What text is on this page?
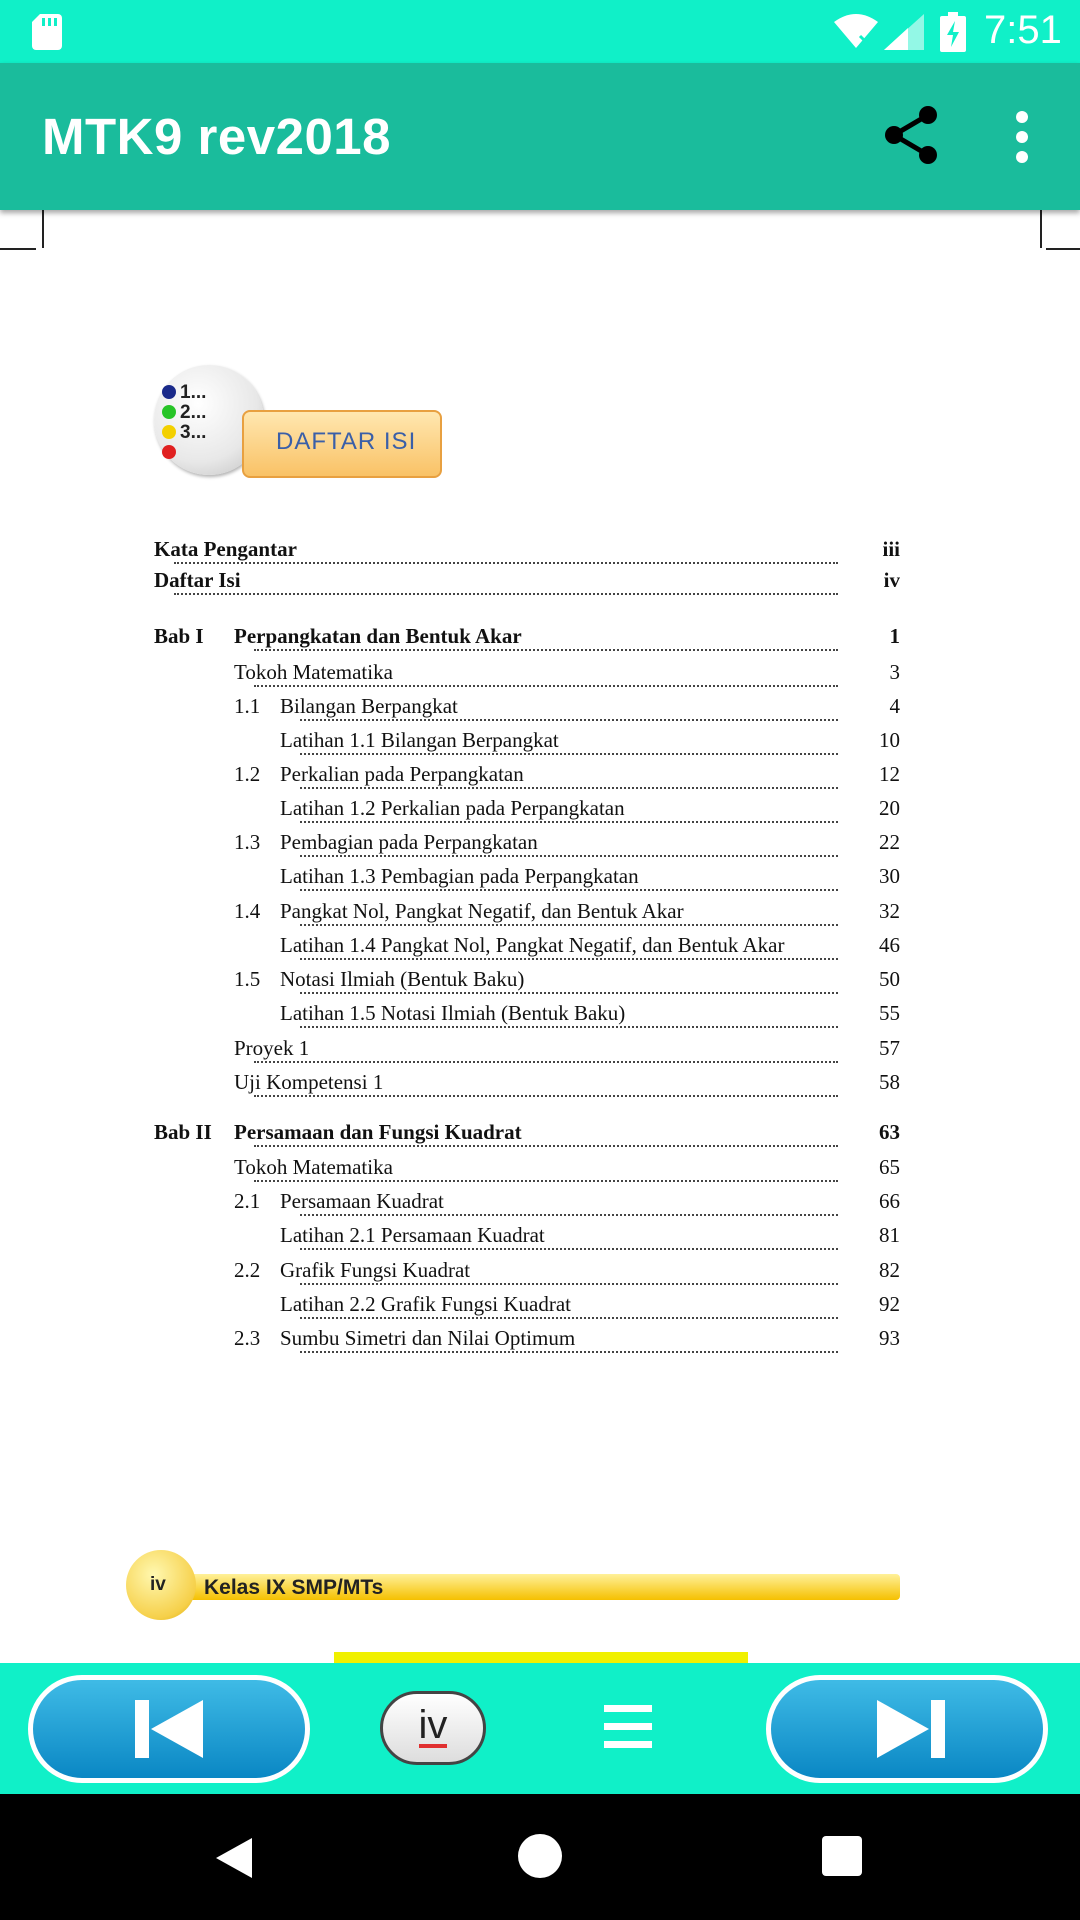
7:51
MTK9 rev2018
1...
2...
3...	DAFTAR ISI
Kata Pengantar	iii
Daftar Isi	iv
Bab I Perpangkatan dan Bentuk Akar	1
Tokoh Matematika	3
1.1 Bilangan Berpangkat	4
Latihan 1.1 Bilangan Berpangkat	10
1.2 Perkalian pada Perpangkatan	12
Latihan 1.2 Perkalian pada Perpangkatan	20
1.3 Pembagian pada Perpangkatan	22
Latihan 1.3 Pembagian pada Perpangkatan	30
1.4 Pangkat Nol, Pangkat Negatif, dan Bentuk Akar	32
Latihan 1.4 Pangkat Nol, Pangkat Negatif, dan Bentuk Akar	46
1.5 Notasi Ilmiah (Bentuk Baku)	50
Latihan 1.5 Notasi Ilmiah (Bentuk Baku)	55
Proyek 1	57
Uji Kompetensi 1	58
Bab II Persamaan dan Fungsi Kuadrat	63
Tokoh Matematika	65
2.1 Persamaan Kuadrat	66
Latihan 2.1 Persamaan Kuadrat	81
2.2 Grafik Fungsi Kuadrat	82
Latihan 2.2 Grafik Fungsi Kuadrat	92
2.3 Sumbu Simetri dan Nilai Optimum	93
iv Kelas IX SMP/MTs
iv
